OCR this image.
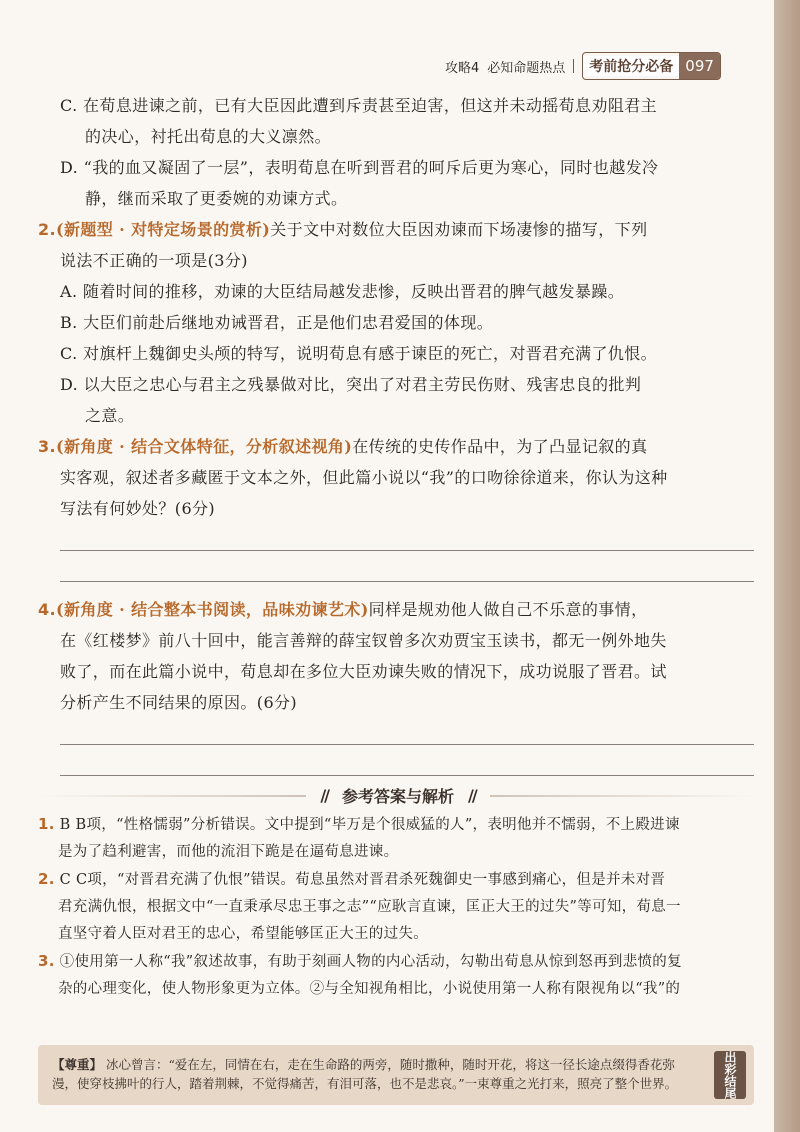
攻略4 必知命题热点	考前抢分必备 097

C. 在荀息进谏之前，已有大臣因此遭到斥责甚至迫害，但这并未动摇荀息劝阻君主

的决心，衬托出荀息的大义凛然。

D. “我的血又凝固了一层”，表明荀息在听到晋君的呵斥后更为寒心，同时也越发冷

静，继而采取了更委婉的劝谏方式。

2.(新题型 · 对特定场景的赏析)关于文中对数位大臣因劝谏而下场凄惨的描写，下列

说法不正确的一项是(3分)

A. 随着时间的推移，劝谏的大臣结局越发悲惨，反映出晋君的脾气越发暴躁。

B. 大臣们前赴后继地劝诫晋君，正是他们忠君爱国的体现。

C. 对旗杆上魏御史头颅的特写，说明荀息有感于谏臣的死亡，对晋君充满了仇恨。

D. 以大臣之忠心与君主之残暴做对比，突出了对君主劳民伤财、残害忠良的批判

之意。

3.(新角度 · 结合文体特征，分析叙述视角)在传统的史传作品中，为了凸显记叙的真

实客观，叙述者多藏匿于文本之外，但此篇小说以“我”的口吻徐徐道来，你认为这种

写法有何妙处？(6分)

4.(新角度 · 结合整本书阅读，品味劝谏艺术)同样是规劝他人做自己不乐意的事情，

在《红楼梦》前八十回中，能言善辩的薛宝钗曾多次劝贾宝玉读书，都无一例外地失

败了，而在此篇小说中，荀息却在多位大臣劝谏失败的情况下，成功说服了晋君。试

分析产生不同结果的原因。(6分)

// 参考答案与解析 //

1. B B项，“性格懦弱”分析错误。文中提到“毕万是个很威猛的人”，表明他并不懦弱，不上殿进谏

是为了趋利避害，而他的流泪下跪是在逼荀息进谏。

2. C C项，“对晋君充满了仇恨”错误。荀息虽然对晋君杀死魏御史一事感到痛心，但是并未对晋

君充满仇恨，根据文中“一直秉承尽忠王事之志”“应耿言直谏，匡正大王的过失”等可知，荀息一

直坚守着人臣对君王的忠心，希望能够匡正大王的过失。

3. ①使用第一人称“我”叙述故事，有助于刻画人物的内心活动，勾勒出荀息从惊到怒再到悲愤的复

杂的心理变化，使人物形象更为立体。②与全知视角相比，小说使用第一人称有限视角以“我”的

【尊重】 冰心曾言：“爱在左，同情在右，走在生命路的两旁，随时撒种，随时开花，将这一径长途点缀得香花弥漫，使穿枝拂叶的行人，踏着荆棘，不觉得痛苦，有泪可落，也不是悲哀。”一束尊重之光打来，照亮了整个世界。	出彩结尾
